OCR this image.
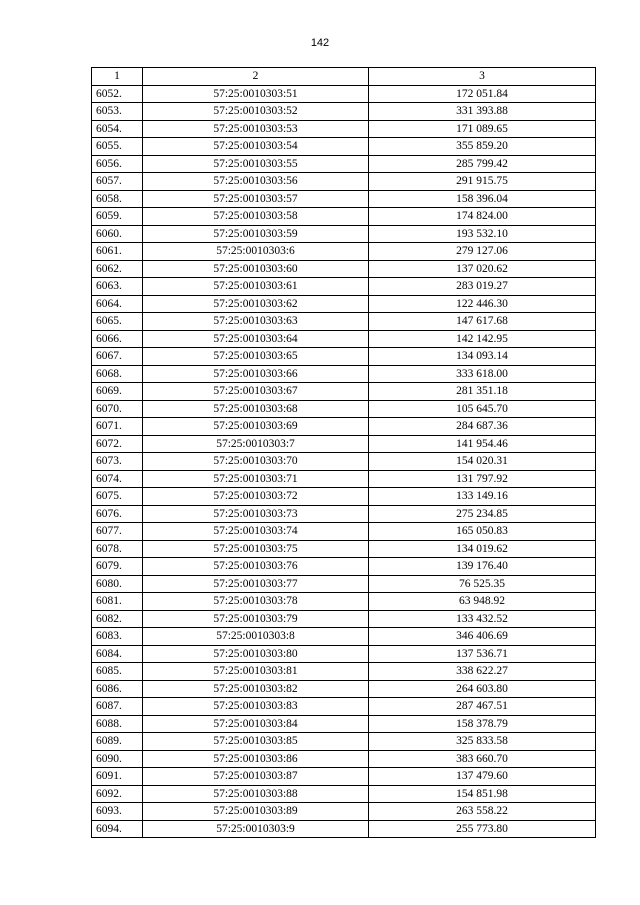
142
1	2	3
6052.	57:25:0010303:51	172 051.84
6053.	57:25:0010303:52	331 393.88
6054.	57:25:0010303:53	171 089.65
6055.	57:25:0010303:54	355 859.20
6056.	57:25:0010303:55	285 799.42
6057.	57:25:0010303:56	291 915.75
6058.	57:25:0010303:57	158 396.04
6059.	57:25:0010303:58	174 824.00
6060.	57:25:0010303:59	193 532.10
6061.	57:25:0010303:6	279 127.06
6062.	57:25:0010303:60	137 020.62
6063.	57:25:0010303:61	283 019.27
6064.	57:25:0010303:62	122 446.30
6065.	57:25:0010303:63	147 617.68
6066.	57:25:0010303:64	142 142.95
6067.	57:25:0010303:65	134 093.14
6068.	57:25:0010303:66	333 618.00
6069.	57:25:0010303:67	281 351.18
6070.	57:25:0010303:68	105 645.70
6071.	57:25:0010303:69	284 687.36
6072.	57:25:0010303:7	141 954.46
6073.	57:25:0010303:70	154 020.31
6074.	57:25:0010303:71	131 797.92
6075.	57:25:0010303:72	133 149.16
6076.	57:25:0010303:73	275 234.85
6077.	57:25:0010303:74	165 050.83
6078.	57:25:0010303:75	134 019.62
6079.	57:25:0010303:76	139 176.40
6080.	57:25:0010303:77	76 525.35
6081.	57:25:0010303:78	63 948.92
6082.	57:25:0010303:79	133 432.52
6083.	57:25:0010303:8	346 406.69
6084.	57:25:0010303:80	137 536.71
6085.	57:25:0010303:81	338 622.27
6086.	57:25:0010303:82	264 603.80
6087.	57:25:0010303:83	287 467.51
6088.	57:25:0010303:84	158 378.79
6089.	57:25:0010303:85	325 833.58
6090.	57:25:0010303:86	383 660.70
6091.	57:25:0010303:87	137 479.60
6092.	57:25:0010303:88	154 851.98
6093.	57:25:0010303:89	263 558.22
6094.	57:25:0010303:9	255 773.80
